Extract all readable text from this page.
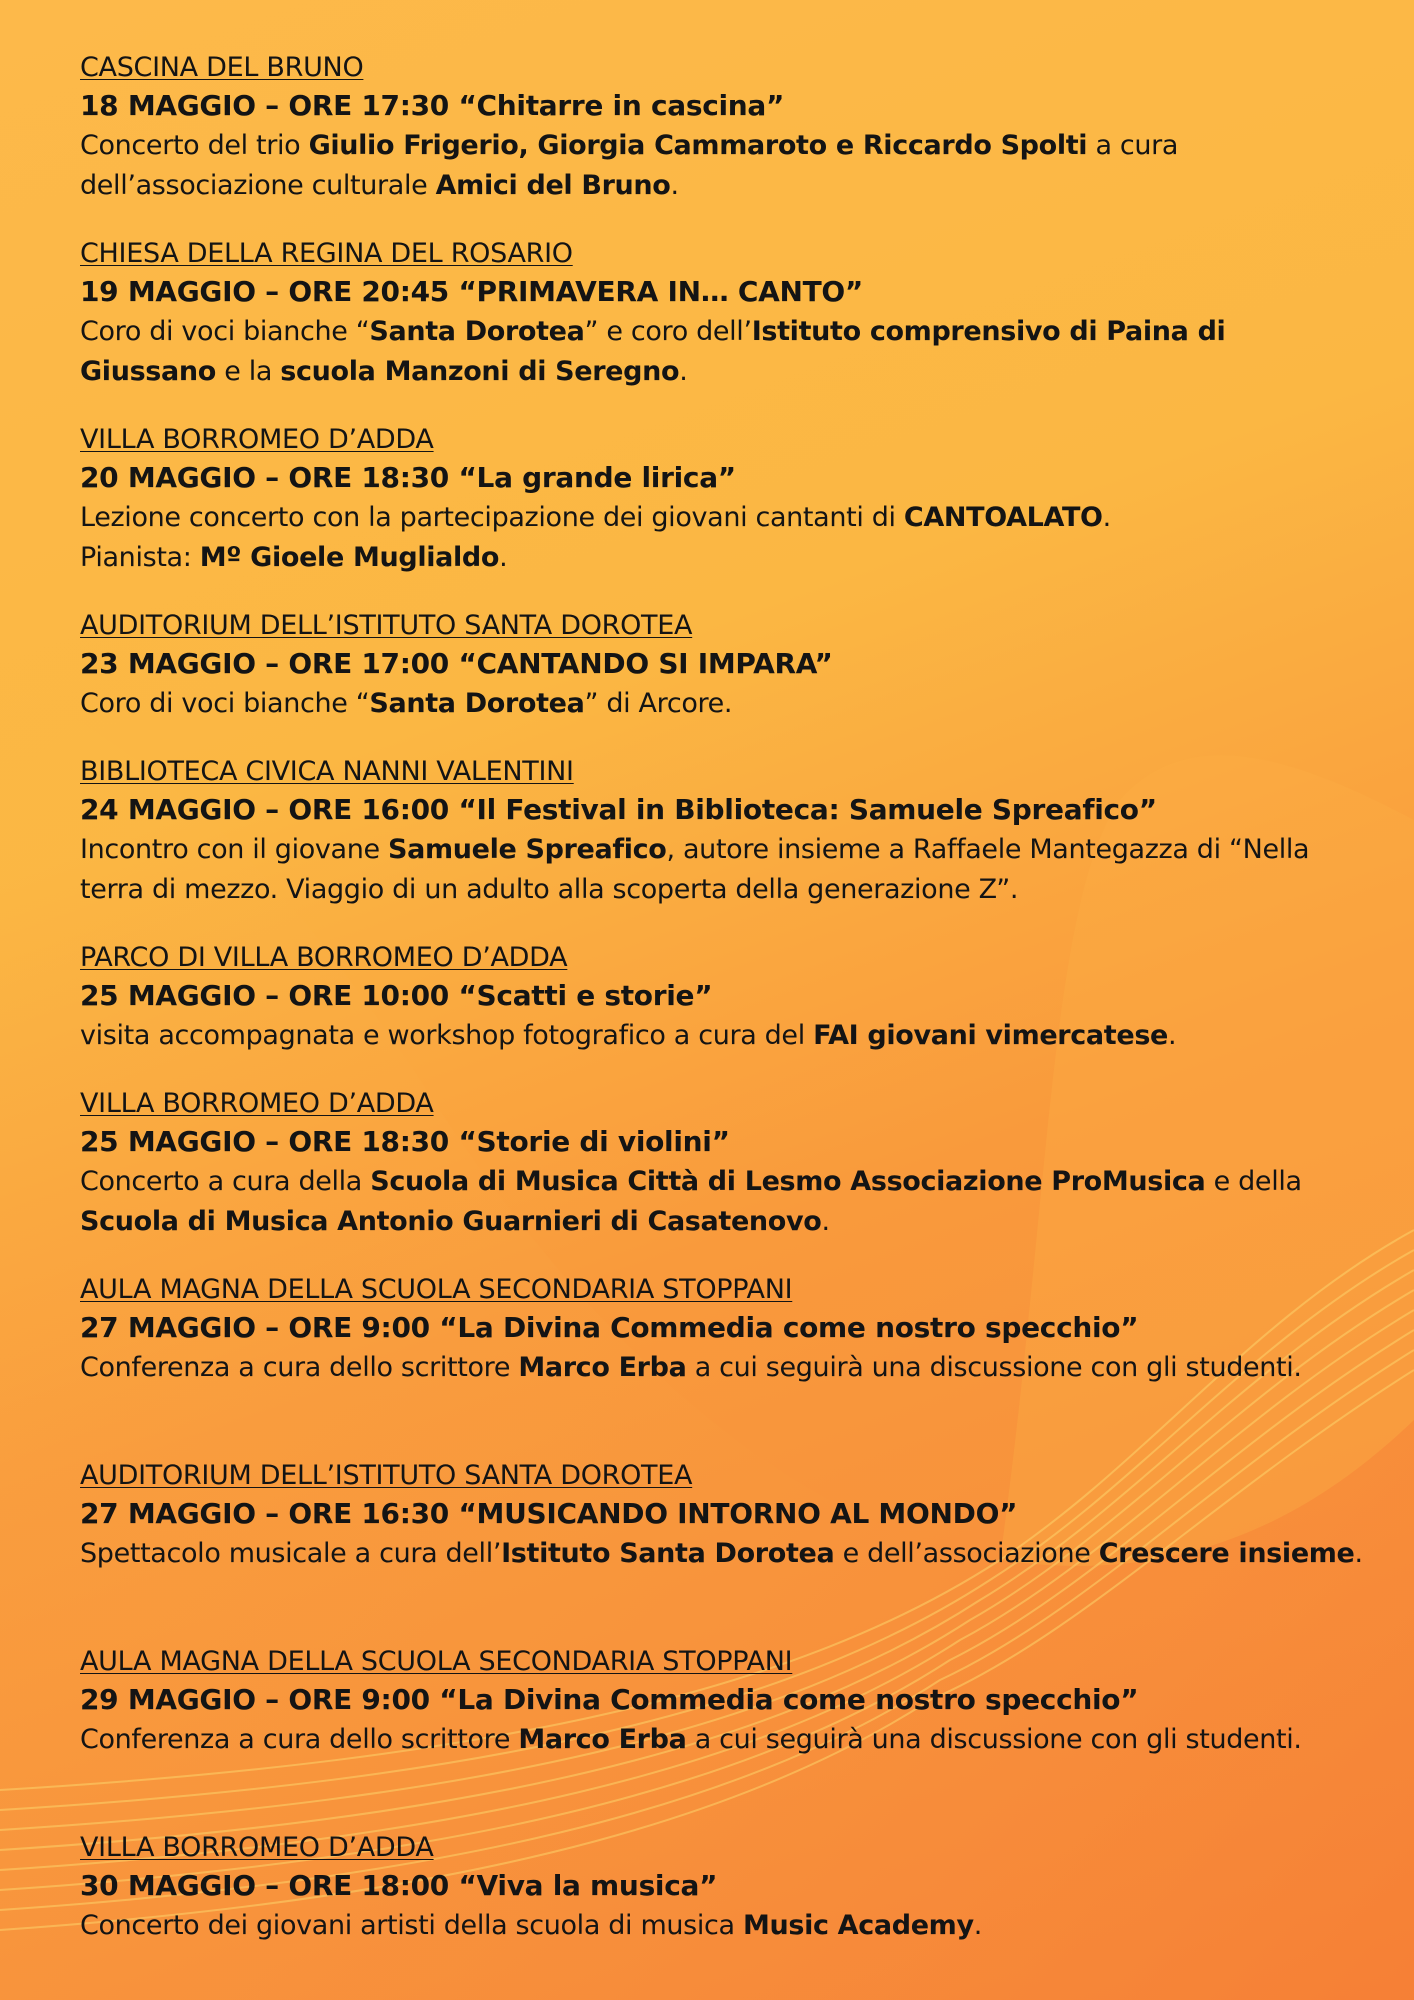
CASCINA DEL BRUNO
18 MAGGIO – ORE 17:30 “Chitarre in cascina”
Concerto del trio Giulio Frigerio, Giorgia Cammaroto e Riccardo Spolti a cura dell’associazione culturale Amici del Bruno.
CHIESA DELLA REGINA DEL ROSARIO
19 MAGGIO – ORE 20:45 “PRIMAVERA IN… CANTO”
Coro di voci bianche “Santa Dorotea” e coro dell’Istituto comprensivo di Paina di Giussano e la scuola Manzoni di Seregno.
VILLA BORROMEO D’ADDA
20 MAGGIO – ORE 18:30 “La grande lirica”
Lezione concerto con la partecipazione dei giovani cantanti di CANTOALATO.
Pianista: Mº Gioele Muglialdo.
AUDITORIUM DELL’ISTITUTO SANTA DOROTEA
23 MAGGIO – ORE 17:00 “CANTANDO SI IMPARA”
Coro di voci bianche “Santa Dorotea” di Arcore.
BIBLIOTECA CIVICA NANNI VALENTINI
24 MAGGIO – ORE 16:00 “Il Festival in Biblioteca: Samuele Spreafico”
Incontro con il giovane Samuele Spreafico, autore insieme a Raffaele Mantegazza di “Nella terra di mezzo. Viaggio di un adulto alla scoperta della generazione Z”.
PARCO DI VILLA BORROMEO D’ADDA
25 MAGGIO – ORE 10:00 “Scatti e storie”
visita accompagnata e workshop fotografico a cura del FAI giovani vimercatese.
VILLA BORROMEO D’ADDA
25 MAGGIO – ORE 18:30 “Storie di violini”
Concerto a cura della Scuola di Musica Città di Lesmo Associazione ProMusica e della Scuola di Musica Antonio Guarnieri di Casatenovo.
AULA MAGNA DELLA SCUOLA SECONDARIA STOPPANI
27 MAGGIO – ORE 9:00 “La Divina Commedia come nostro specchio”
Conferenza a cura dello scrittore Marco Erba a cui seguirà una discussione con gli studenti.
AUDITORIUM DELL’ISTITUTO SANTA DOROTEA
27 MAGGIO – ORE 16:30 “MUSICANDO INTORNO AL MONDO”
Spettacolo musicale a cura dell’Istituto Santa Dorotea e dell’associazione Crescere insieme.
AULA MAGNA DELLA SCUOLA SECONDARIA STOPPANI
29 MAGGIO – ORE 9:00 “La Divina Commedia come nostro specchio”
Conferenza a cura dello scrittore Marco Erba a cui seguirà una discussione con gli studenti.
VILLA BORROMEO D’ADDA
30 MAGGIO – ORE 18:00 “Viva la musica”
Concerto dei giovani artisti della scuola di musica Music Academy.
